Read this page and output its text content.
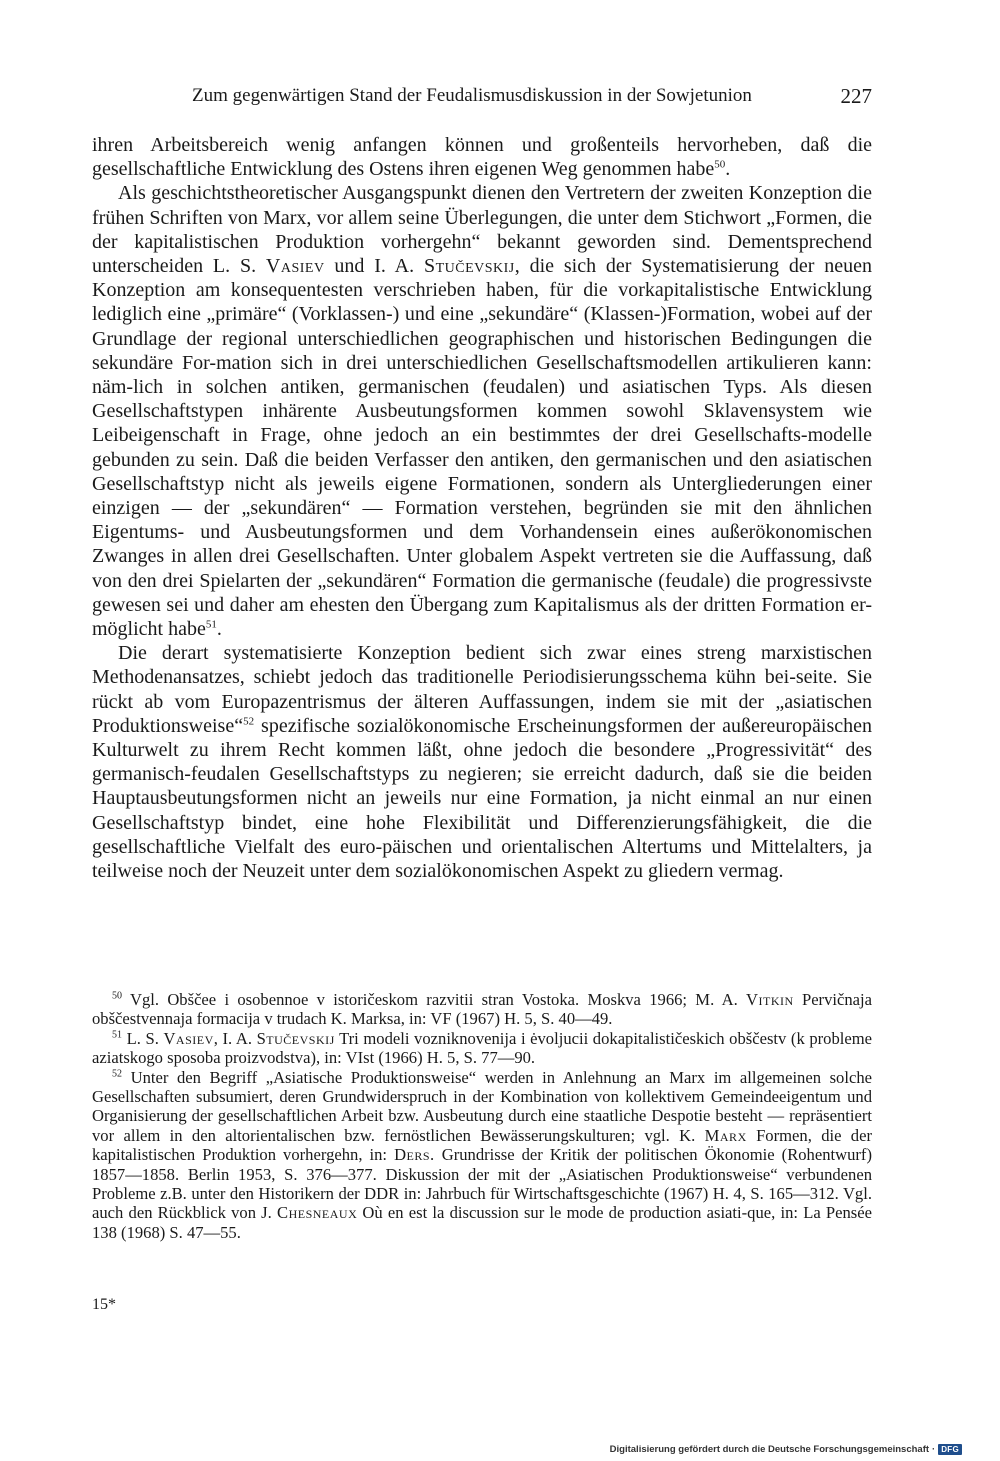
Zum gegenwärtigen Stand der Feudalismusdiskussion in der Sowjetunion	227

ihren Arbeitsbereich wenig anfangen können und großenteils hervorheben, daß die gesellschaftliche Entwicklung des Ostens ihren eigenen Weg genommen habe$^{50}$.

Als geschichtstheoretischer Ausgangspunkt dienen den Vertretern der zweiten Konzeption die frühen Schriften von Marx, vor allem seine Überlegungen, die unter dem Stichwort „Formen, die der kapitalistischen Produktion vorhergehn“ bekannt geworden sind. Dementsprechend unterscheiden L. S. Vasiev und I. A. Stučevskij, die sich der Systematisierung der neuen Konzeption am konsequentesten verschrieben haben, für die vorkapitalistische Entwicklung lediglich eine „primäre“ (Vorklassen-) und eine „sekundäre“ (Klassen-)Formation, wobei auf der Grundlage der regional unterschiedlichen geographischen und historischen Bedingungen die sekundäre For-mation sich in drei unterschiedlichen Gesellschaftsmodellen artikulieren kann: näm-lich in solchen antiken, germanischen (feudalen) und asiatischen Typs. Als diesen Gesellschaftstypen inhärente Ausbeutungsformen kommen sowohl Sklavensystem wie Leibeigenschaft in Frage, ohne jedoch an ein bestimmtes der drei Gesellschafts-modelle gebunden zu sein. Daß die beiden Verfasser den antiken, den germanischen und den asiatischen Gesellschaftstyp nicht als jeweils eigene Formationen, sondern als Untergliederungen einer einzigen — der „sekundären“ — Formation verstehen, begründen sie mit den ähnlichen Eigentums- und Ausbeutungsformen und dem Vorhandensein eines außerökonomischen Zwanges in allen drei Gesellschaften. Unter globalem Aspekt vertreten sie die Auffassung, daß von den drei Spielarten der „sekundären“ Formation die germanische (feudale) die progressivste gewesen sei und daher am ehesten den Übergang zum Kapitalismus als der dritten Formation er-möglicht habe$^{51}$.

Die derart systematisierte Konzeption bedient sich zwar eines streng marxistischen Methodenansatzes, schiebt jedoch das traditionelle Periodisierungsschema kühn bei-seite. Sie rückt ab vom Europazentrismus der älteren Auffassungen, indem sie mit der „asiatischen Produktionsweise“$^{52}$ spezifische sozialökonomische Erscheinungsformen der außereuropäischen Kulturwelt zu ihrem Recht kommen läßt, ohne jedoch die besondere „Progressivität“ des germanisch-feudalen Gesellschaftstyps zu negieren; sie erreicht dadurch, daß sie die beiden Hauptausbeutungsformen nicht an jeweils nur eine Formation, ja nicht einmal an nur einen Gesellschaftstyp bindet, eine hohe Flexibilität und Differenzierungsfähigkeit, die die gesellschaftliche Vielfalt des euro-päischen und orientalischen Altertums und Mittelalters, ja teilweise noch der Neuzeit unter dem sozialökonomischen Aspekt zu gliedern vermag.

$^{50}$ Vgl. Obščee i osobennoe v istoričeskom razvitii stran Vostoka. Moskva 1966; M. A. Vitkin Pervičnaja obščestvennaja formacija v trudach K. Marksa, in: VF (1967) H. 5, S. 40—49.

$^{51}$ L. S. Vasiev, I. A. Stučevskij Tri modeli vozniknovenija i ėvoljucii dokapitalističeskich obščestv (k probleme aziatskogo sposoba proizvodstva), in: VIst (1966) H. 5, S. 77—90.

$^{52}$ Unter den Begriff „Asiatische Produktionsweise“ werden in Anlehnung an Marx im allgemeinen solche Gesellschaften subsumiert, deren Grundwiderspruch in der Kombination von kollektivem Gemeindeeigentum und Organisierung der gesellschaftlichen Arbeit bzw. Ausbeutung durch eine staatliche Despotie besteht — repräsentiert vor allem in den altorientalischen bzw. fernöstlichen Bewässerungskulturen; vgl. K. Marx Formen, die der kapitalistischen Produktion vorhergehn, in: Ders. Grundrisse der Kritik der politischen Ökonomie (Rohentwurf) 1857—1858. Berlin 1953, S. 376—377. Diskussion der mit der „Asiatischen Produktionsweise“ verbundenen Probleme z.B. unter den Historikern der DDR in: Jahrbuch für Wirtschaftsgeschichte (1967) H. 4, S. 165—312. Vgl. auch den Rückblick von J. Chesneaux Où en est la discussion sur le mode de production asiati-que, in: La Pensée 138 (1968) S. 47—55.

15*
Digitalisierung gefördert durch die Deutsche Forschungsgemeinschaft · DFG
